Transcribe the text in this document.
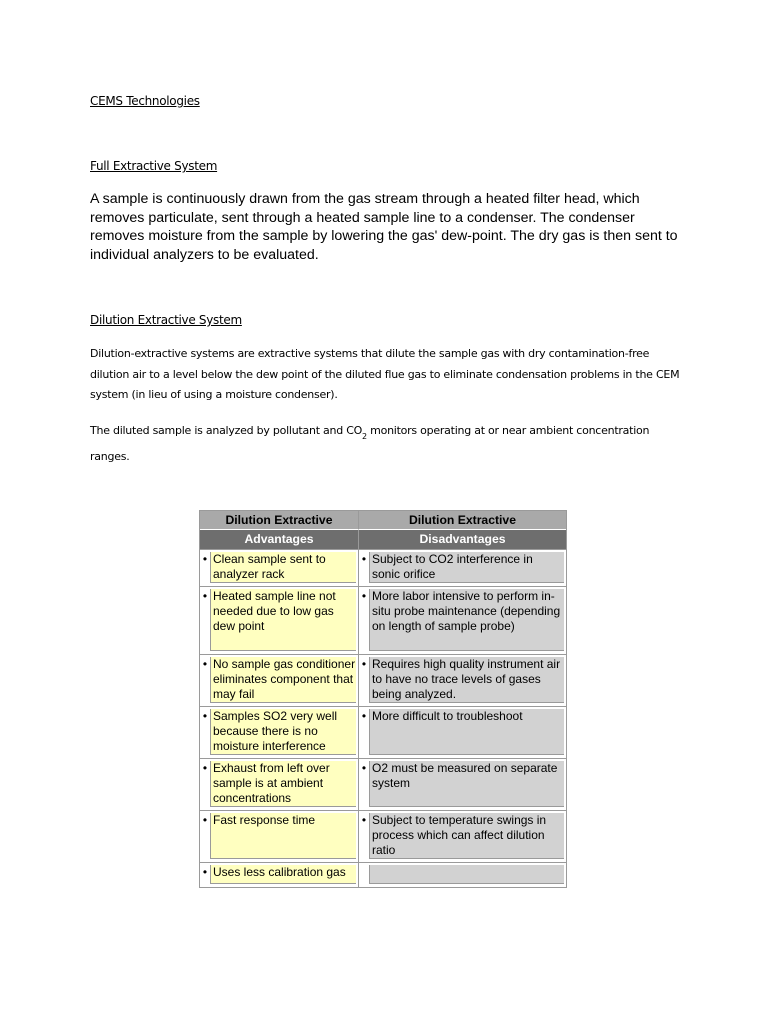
CEMS Technologies
Full Extractive System

A sample is continuously drawn from the gas stream through a heated filter head, which removes particulate, sent through a heated sample line to a condenser. The condenser removes moisture from the sample by lowering the gas' dew-point. The dry gas is then sent to individual analyzers to be evaluated.

Dilution Extractive System

Dilution-extractive systems are extractive systems that dilute the sample gas with dry contamination-free dilution air to a level below the dew point of the diluted flue gas to eliminate condensation problems in the CEM system (in lieu of using a moisture condenser).

The diluted sample is analyzed by pollutant and $CO_2$ monitors operating at or near ambient concentration ranges.

Dilution Extractive	Dilution Extractive
Advantages	Disadvantages

• Clean sample sent to analyzer rack	• Subject to CO2 interference in sonic orifice

• Heated sample line not needed due to low gas dew point	• More labor intensive to perform in-situ probe maintenance (depending on length of sample probe)

• No sample gas conditioner eliminates component that may fail	• Requires high quality instrument air to have no trace levels of gases being analyzed.

• Samples SO2 very well because there is no moisture interference	• More difficult to troubleshoot

• Exhaust from left over sample is at ambient concentrations	• O2 must be measured on separate system

• Fast response time	• Subject to temperature swings in process which can affect dilution ratio

• Uses less calibration gas	
